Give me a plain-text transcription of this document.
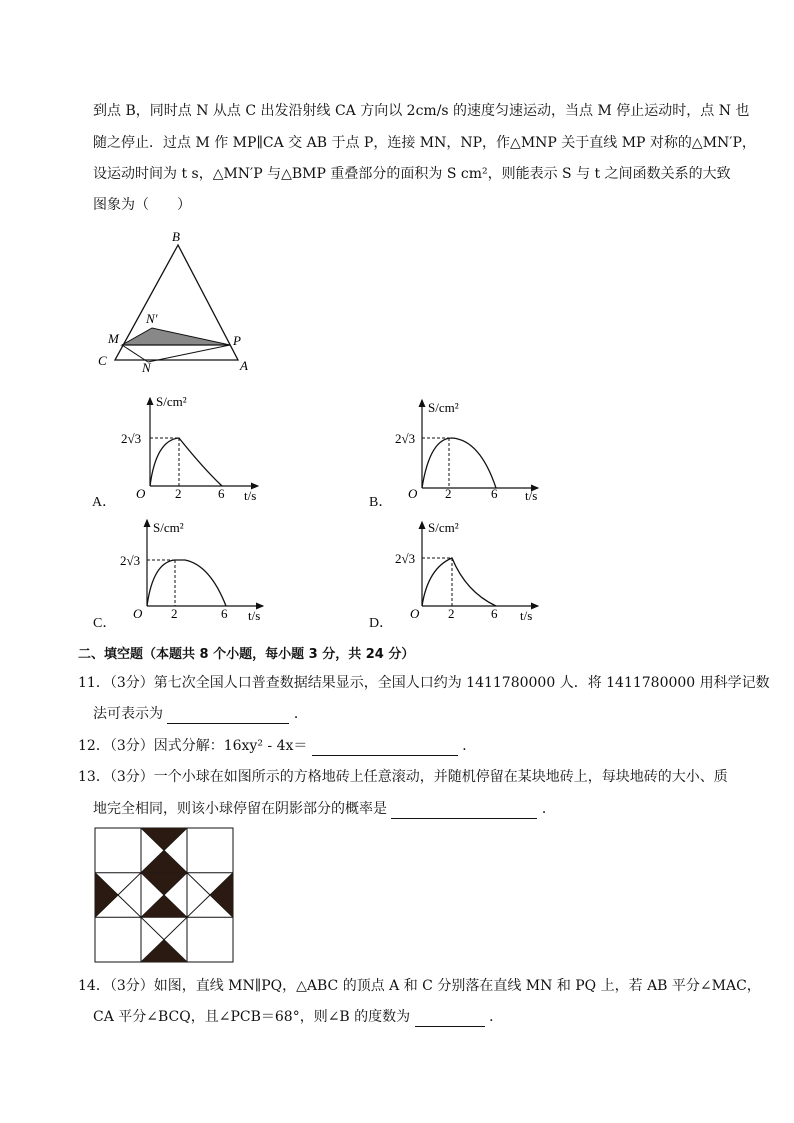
到点 B，同时点 N 从点 C 出发沿射线 CA 方向以 2cm/s 的速度匀速运动，当点 M 停止运动时，点 N 也
随之停止．过点 M 作 MP∥CA 交 AB 于点 P，连接 MN，NP，作△MNP 关于直线 MP 对称的△MN′P，
设运动时间为 t s，△MN′P 与△BMP 重叠部分的面积为 S cm²，则能表示 S 与 t 之间函数关系的大致
图象为（　　）
B
M
N′
P
C	N	A
A．
S/cm²
2√3
O 2	6 t/s	B．
S/cm²
2√3
O 2	6 t/s
C．
S/cm²
2√3
O 2	6 t/s
D．
S/cm²
2√3
O 2	6 t/s
二、填空题（本题共 8 个小题，每小题 3 分，共 24 分）
11．（3分）第七次全国人口普查数据结果显示，全国人口约为 1411780000 人．将 1411780000 用科学记数
法可表示为	．
12．（3分）因式分解：16xy² - 4x＝	．
13．（3分）一个小球在如图所示的方格地砖上任意滚动，并随机停留在某块地砖上，每块地砖的大小、质
地完全相同，则该小球停留在阴影部分的概率是	．
14．（3分）如图，直线 MN∥PQ，△ABC 的顶点 A 和 C 分别落在直线 MN 和 PQ 上，若 AB 平分∠MAC，
CA 平分∠BCQ，且∠PCB＝68°，则∠B 的度数为	．
